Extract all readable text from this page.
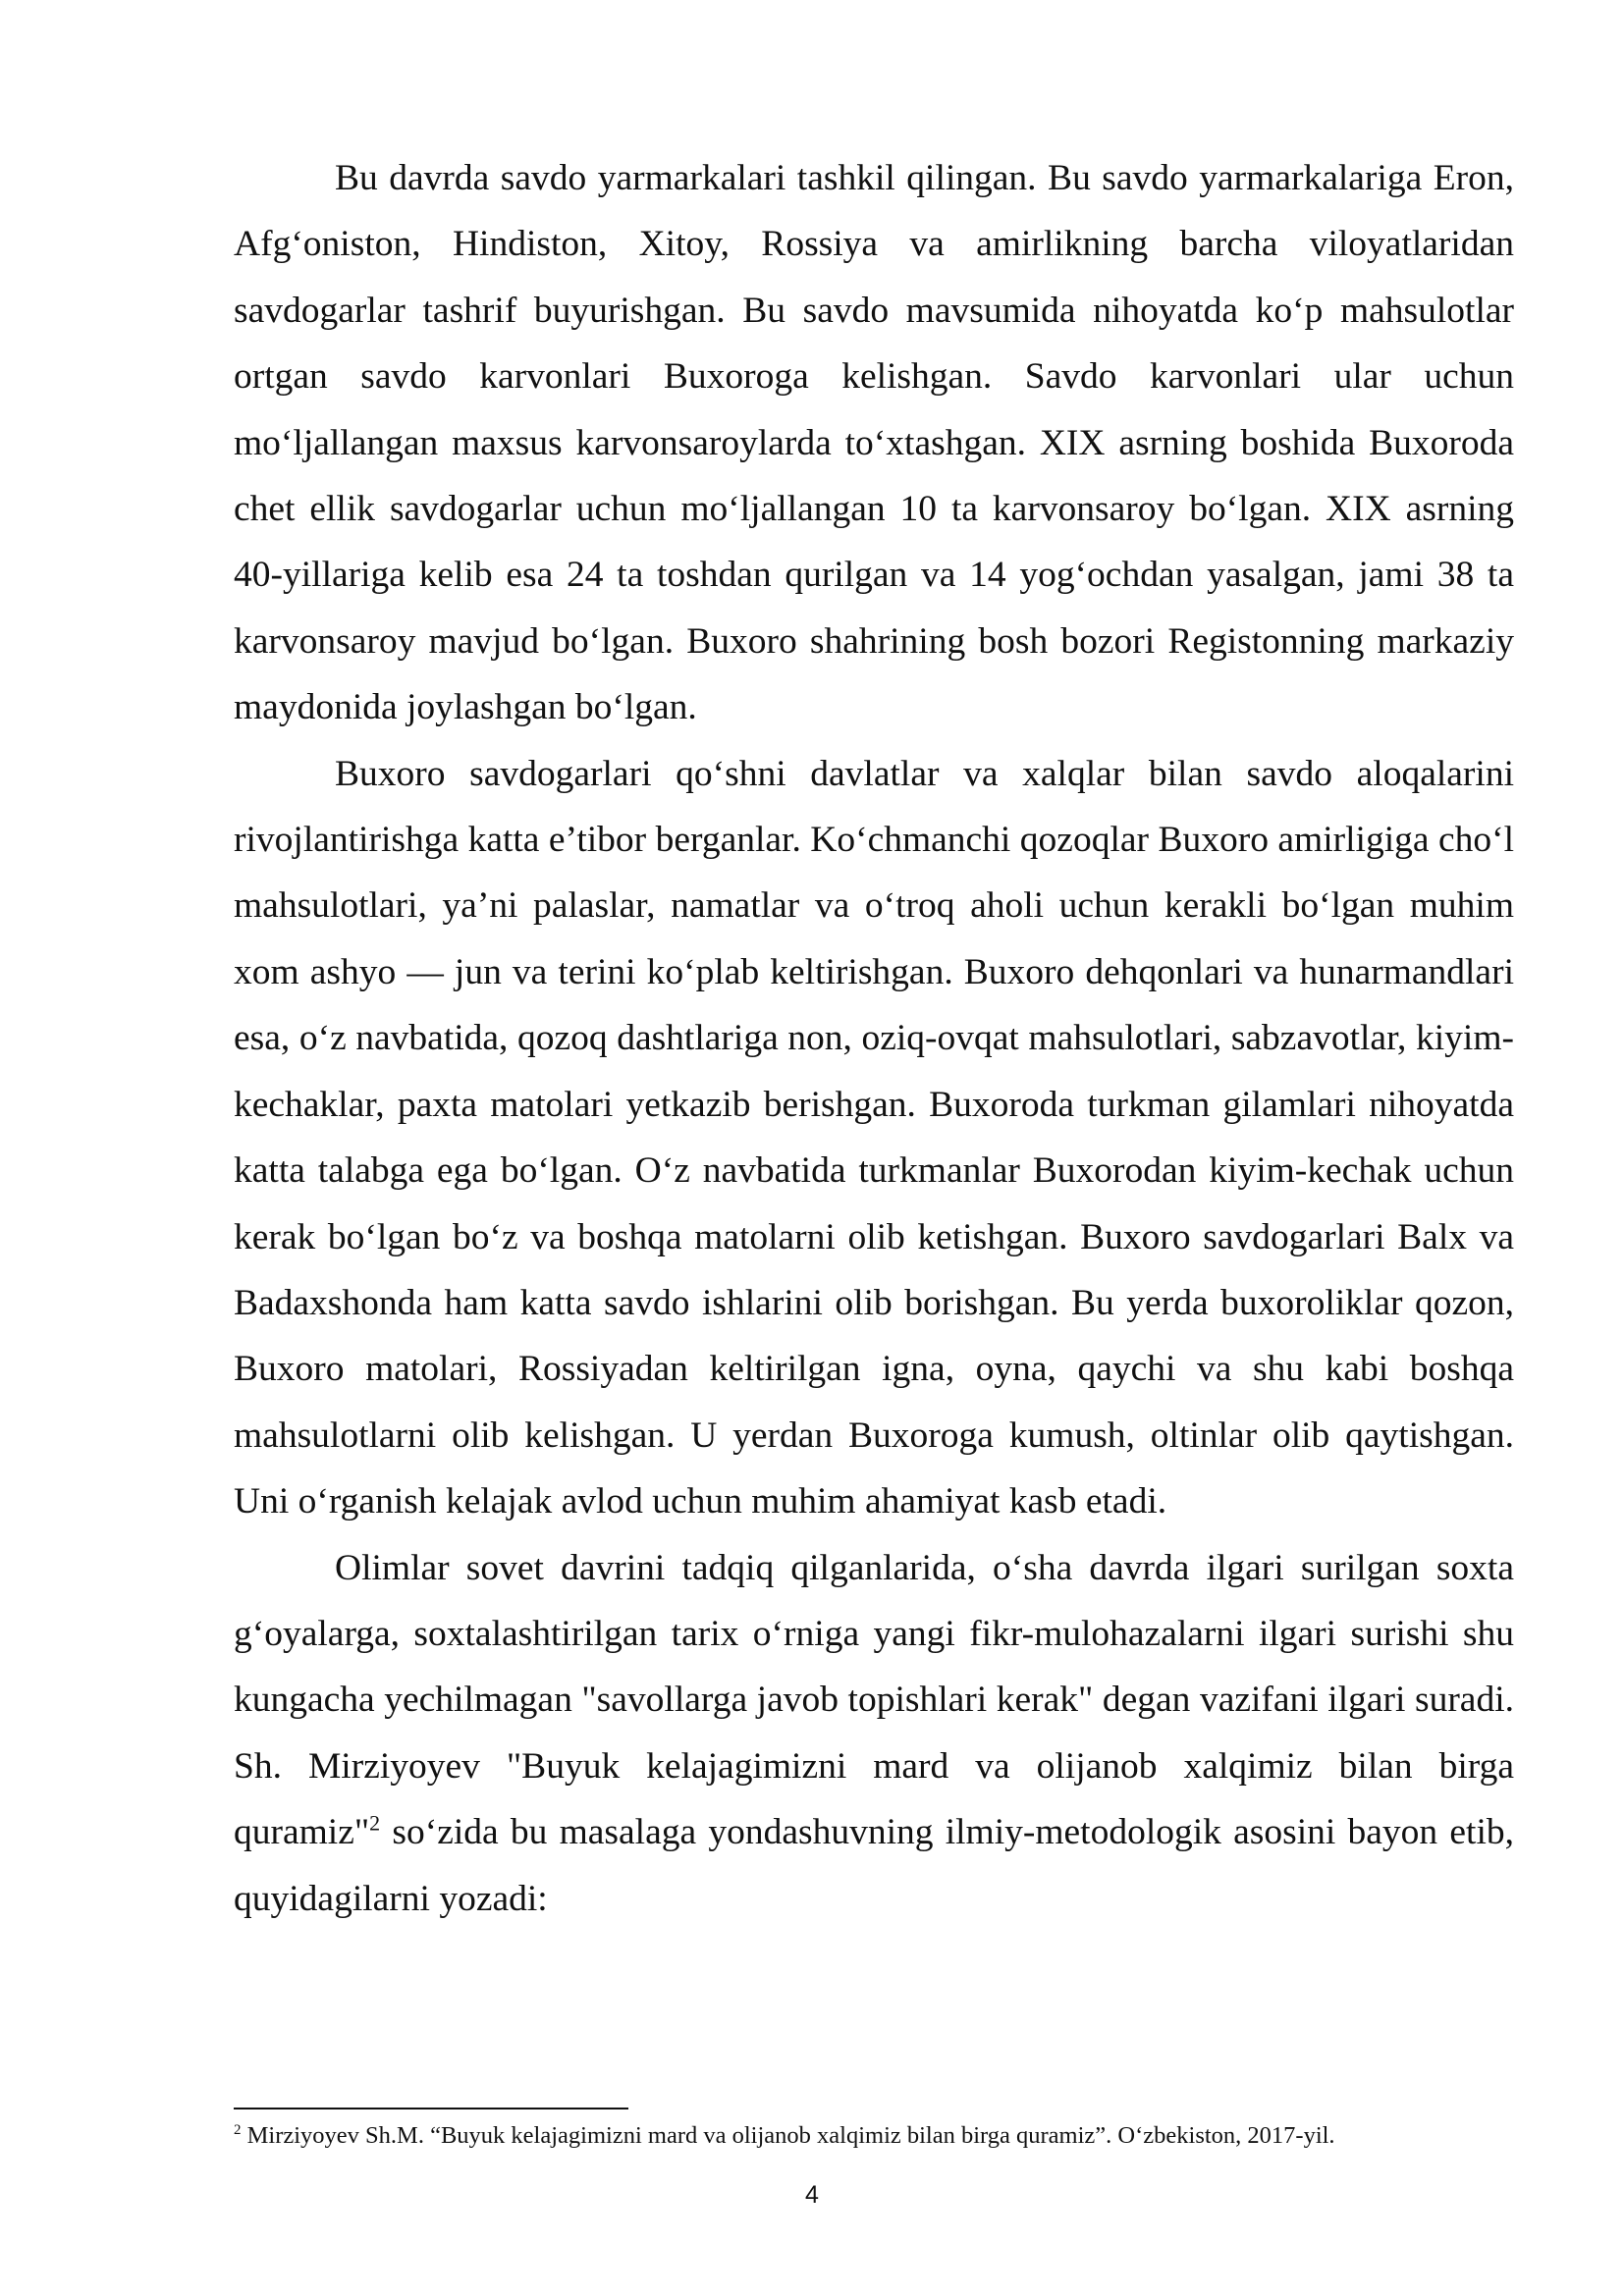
Bu davrda savdo yarmarkalari tashkil qilingan. Bu savdo yarmarkalariga Eron, Afg‘oniston, Hindiston, Xitoy, Rossiya va amirlikning barcha viloyatlaridan savdogarlar tashrif buyurishgan. Bu savdo mavsumida nihoyatda ko‘p mahsulotlar ortgan savdo karvonlari Buxoroga kelishgan. Savdo karvonlari ular uchun mo‘ljallangan maxsus karvonsaroylarda to‘xtashgan. XIX asrning boshida Buxoroda chet ellik savdogarlar uchun mo‘ljallangan 10 ta karvonsaroy bo‘lgan. XIX asrning 40-yillariga kelib esa 24 ta toshdan qurilgan va 14 yog‘ochdan yasalgan, jami 38 ta karvonsaroy mavjud bo‘lgan. Buxoro shahrining bosh bozori Registonning markaziy maydonida joylashgan bo‘lgan.

Buxoro savdogarlari qo‘shni davlatlar va xalqlar bilan savdo aloqalarini rivojlantirishga katta e’tibor berganlar. Ko‘chmanchi qozoqlar Buxoro amirligiga cho‘l mahsulotlari, ya’ni palaslar, namatlar va o‘troq aholi uchun kerakli bo‘lgan muhim xom ashyo — jun va terini ko‘plab keltirishgan. Buxoro dehqonlari va hunarmandlari esa, o‘z navbatida, qozoq dashtlariga non, oziq-ovqat mahsulotlari, sabzavotlar, kiyim-kechaklar, paxta matolari yetkazib berishgan. Buxoroda turkman gilamlari nihoyatda katta talabga ega bo‘lgan. O‘z navbatida turkmanlar Buxorodan kiyim-kechak uchun kerak bo‘lgan bo‘z va boshqa matolarni olib ketishgan. Buxoro savdogarlari Balx va Badaxshonda ham katta savdo ishlarini olib borishgan. Bu yerda buxoroliklar qozon, Buxoro matolari, Rossiyadan keltirilgan igna, oyna, qaychi va shu kabi boshqa mahsulotlarni olib kelishgan. U yerdan Buxoroga kumush, oltinlar olib qaytishgan. Uni o‘rganish kelajak avlod uchun muhim ahamiyat kasb etadi.

Olimlar sovet davrini tadqiq qilganlarida, o‘sha davrda ilgari surilgan soxta g‘oyalarga, soxtalashtirilgan tarix o‘rniga yangi fikr-mulohazalarni ilgari surishi shu kungacha yechilmagan "savollarga javob topishlari kerak" degan vazifani ilgari suradi. Sh. Mirziyoyev "Buyuk kelajagimizni mard va olijanob xalqimiz bilan birga quramiz"$^2$ so‘zida bu masalaga yondashuvning ilmiy-metodologik asosini bayon etib, quyidagilarni yozadi:

$^2$ Mirziyoyev Sh.M. “Buyuk kelajagimizni mard va olijanob xalqimiz bilan birga quramiz”. O‘zbekiston, 2017-yil.

4
